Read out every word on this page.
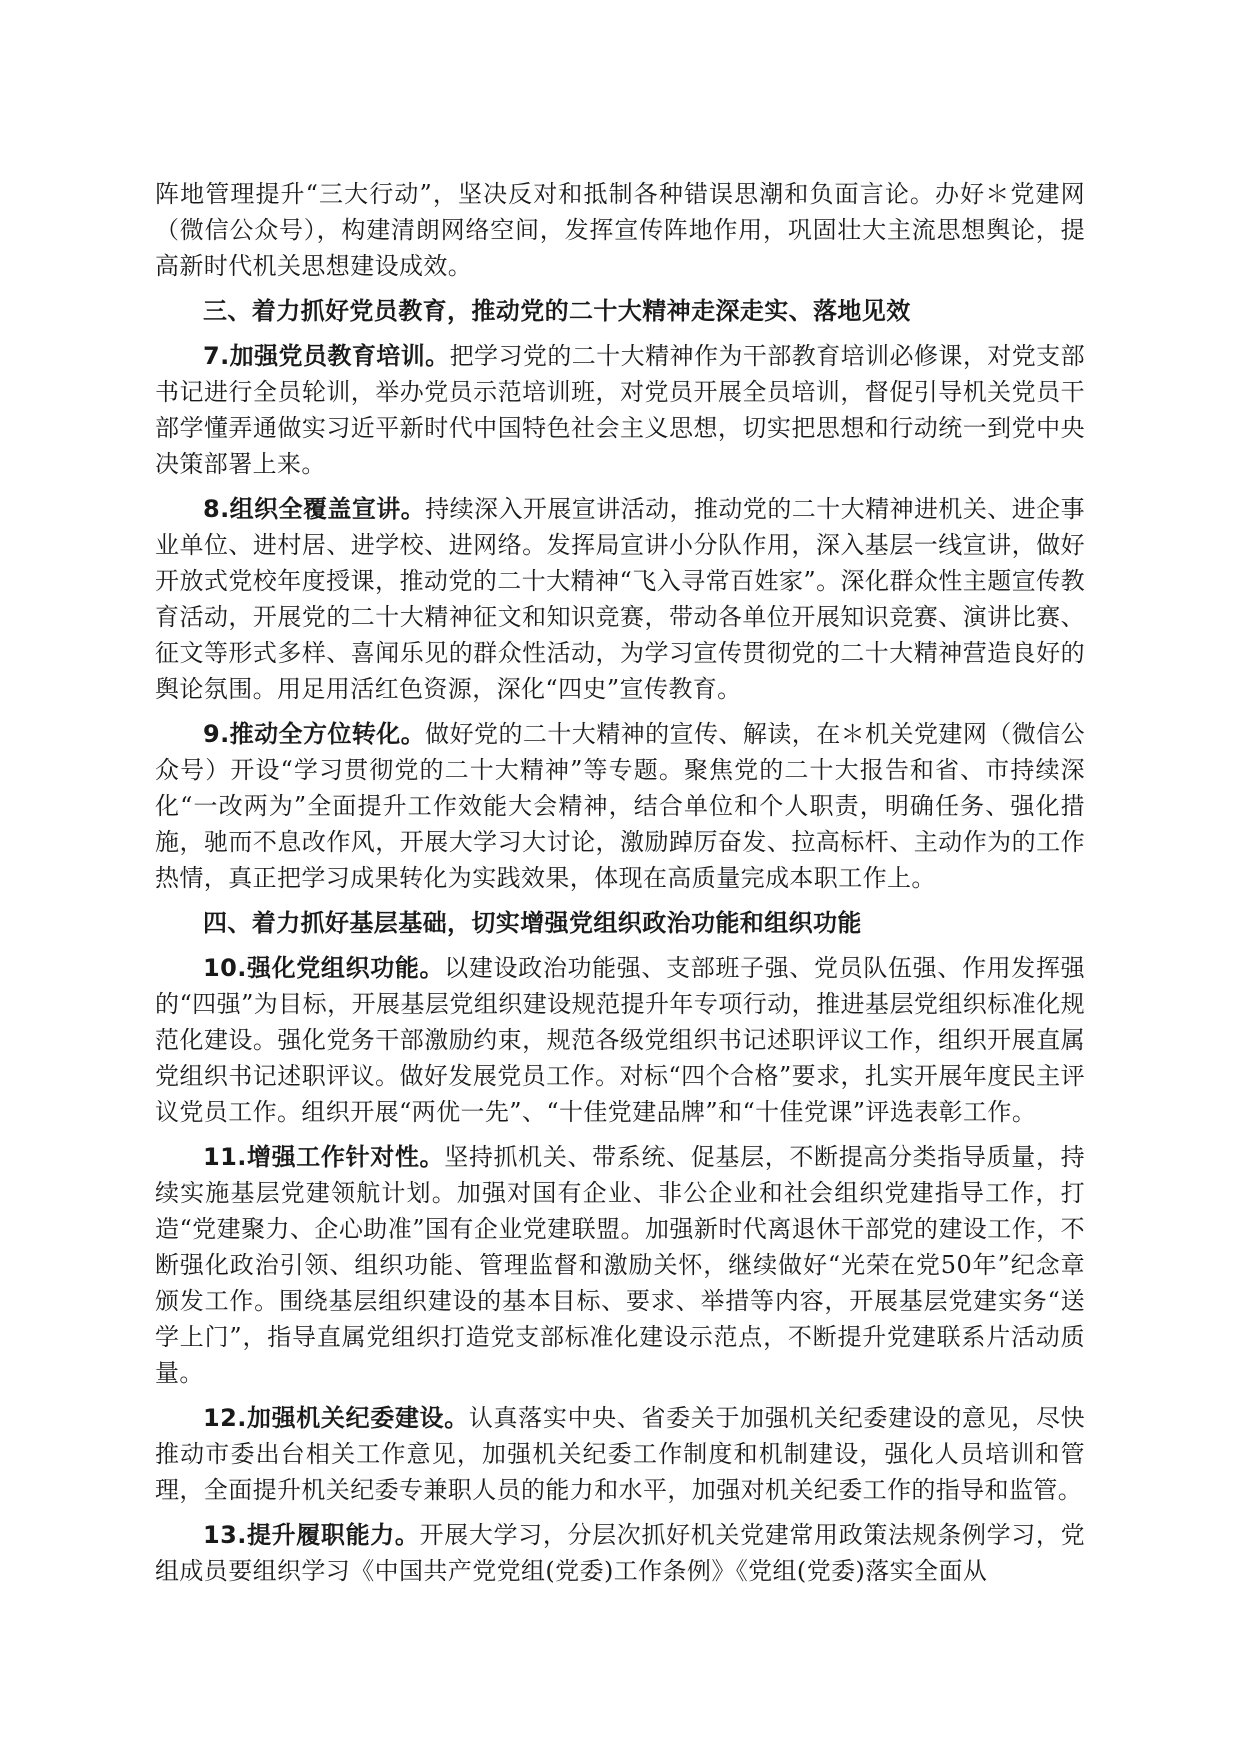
阵地管理提升“三大行动”，坚决反对和抵制各种错误思潮和负面言论。办好＊党建网（微信公众号），构建清朗网络空间，发挥宣传阵地作用，巩固壮大主流思想舆论，提高新时代机关思想建设成效。

三、着力抓好党员教育，推动党的二十大精神走深走实、落地见效

7.加强党员教育培训。把学习党的二十大精神作为干部教育培训必修课，对党支部书记进行全员轮训，举办党员示范培训班，对党员开展全员培训，督促引导机关党员干部学懂弄通做实习近平新时代中国特色社会主义思想，切实把思想和行动统一到党中央决策部署上来。

8.组织全覆盖宣讲。持续深入开展宣讲活动，推动党的二十大精神进机关、进企事业单位、进村居、进学校、进网络。发挥局宣讲小分队作用，深入基层一线宣讲，做好开放式党校年度授课，推动党的二十大精神“飞入寻常百姓家”。深化群众性主题宣传教育活动，开展党的二十大精神征文和知识竞赛，带动各单位开展知识竞赛、演讲比赛、征文等形式多样、喜闻乐见的群众性活动，为学习宣传贯彻党的二十大精神营造良好的舆论氛围。用足用活红色资源，深化“四史”宣传教育。

9.推动全方位转化。做好党的二十大精神的宣传、解读，在＊机关党建网（微信公众号）开设“学习贯彻党的二十大精神”等专题。聚焦党的二十大报告和省、市持续深化“一改两为”全面提升工作效能大会精神，结合单位和个人职责，明确任务、强化措施，驰而不息改作风，开展大学习大讨论，激励踔厉奋发、拉高标杆、主动作为的工作热情，真正把学习成果转化为实践效果，体现在高质量完成本职工作上。

四、着力抓好基层基础，切实增强党组织政治功能和组织功能

10.强化党组织功能。以建设政治功能强、支部班子强、党员队伍强、作用发挥强的“四强”为目标，开展基层党组织建设规范提升年专项行动，推进基层党组织标准化规范化建设。强化党务干部激励约束，规范各级党组织书记述职评议工作，组织开展直属党组织书记述职评议。做好发展党员工作。对标“四个合格”要求，扎实开展年度民主评议党员工作。组织开展“两优一先”、“十佳党建品牌”和“十佳党课”评选表彰工作。

11.增强工作针对性。坚持抓机关、带系统、促基层，不断提高分类指导质量，持续实施基层党建领航计划。加强对国有企业、非公企业和社会组织党建指导工作，打造“党建聚力、企心助准”国有企业党建联盟。加强新时代离退休干部党的建设工作，不断强化政治引领、组织功能、管理监督和激励关怀，继续做好“光荣在党50年”纪念章颁发工作。围绕基层组织建设的基本目标、要求、举措等内容，开展基层党建实务“送学上门”，指导直属党组织打造党支部标准化建设示范点，不断提升党建联系片活动质量。

12.加强机关纪委建设。认真落实中央、省委关于加强机关纪委建设的意见，尽快推动市委出台相关工作意见，加强机关纪委工作制度和机制建设，强化人员培训和管理，全面提升机关纪委专兼职人员的能力和水平，加强对机关纪委工作的指导和监管。

13.提升履职能力。开展大学习，分层次抓好机关党建常用政策法规条例学习，党组成员要组织学习《中国共产党党组(党委)工作条例》《党组(党委)落实全面从
